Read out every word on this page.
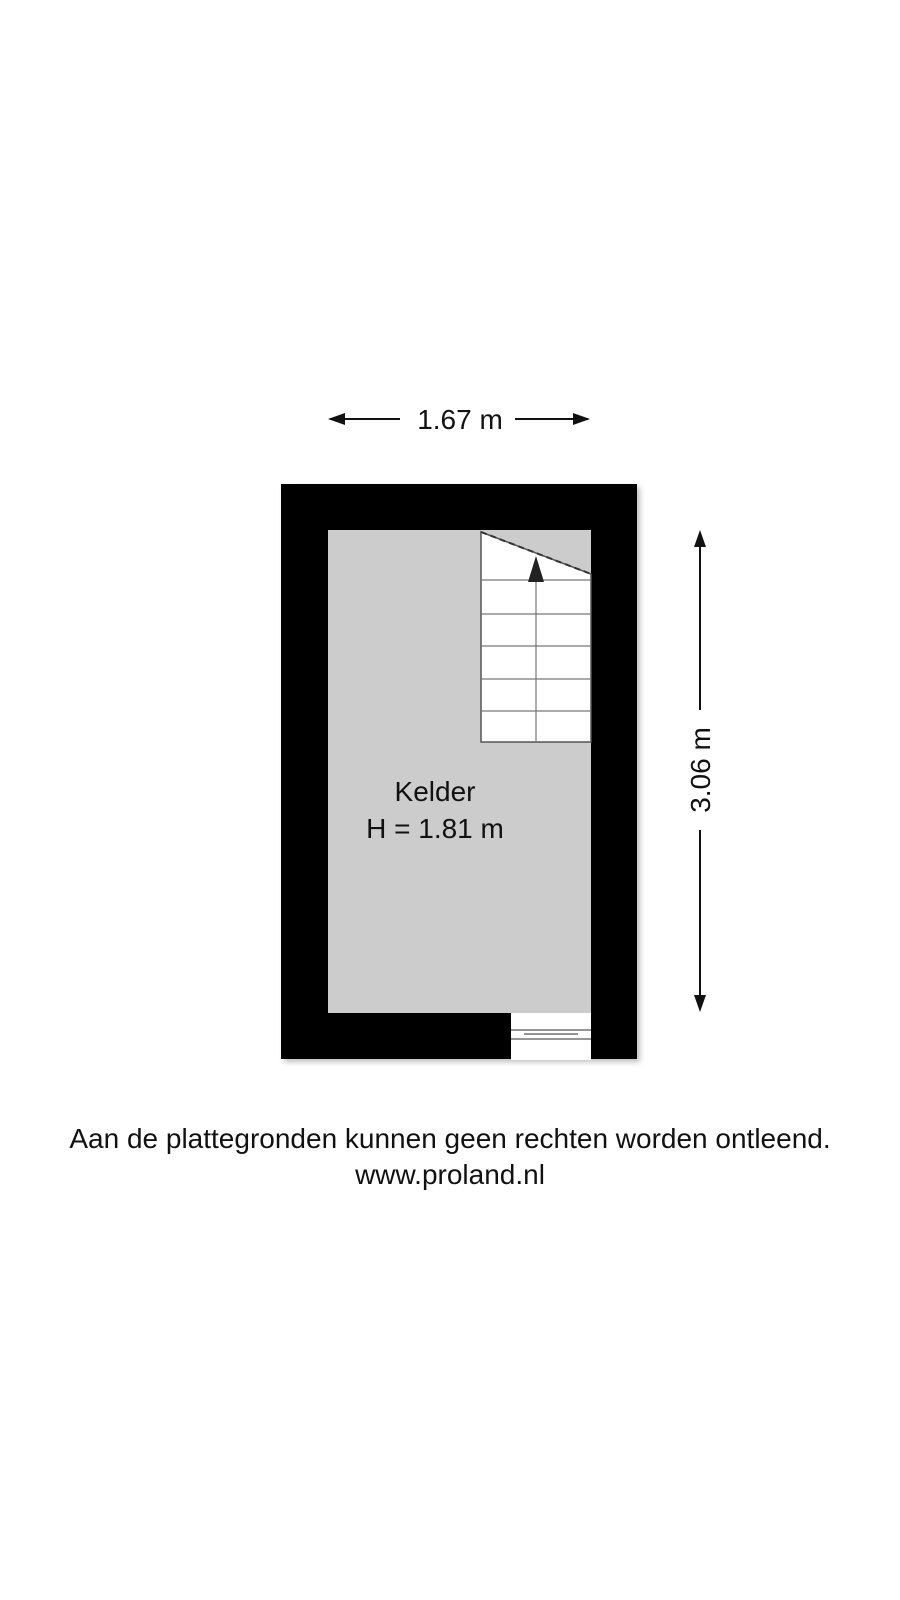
1.67 m
3.06 m
Kelder
H = 1.81 m
Aan de plattegronden kunnen geen rechten worden ontleend.
www.proland.nl
